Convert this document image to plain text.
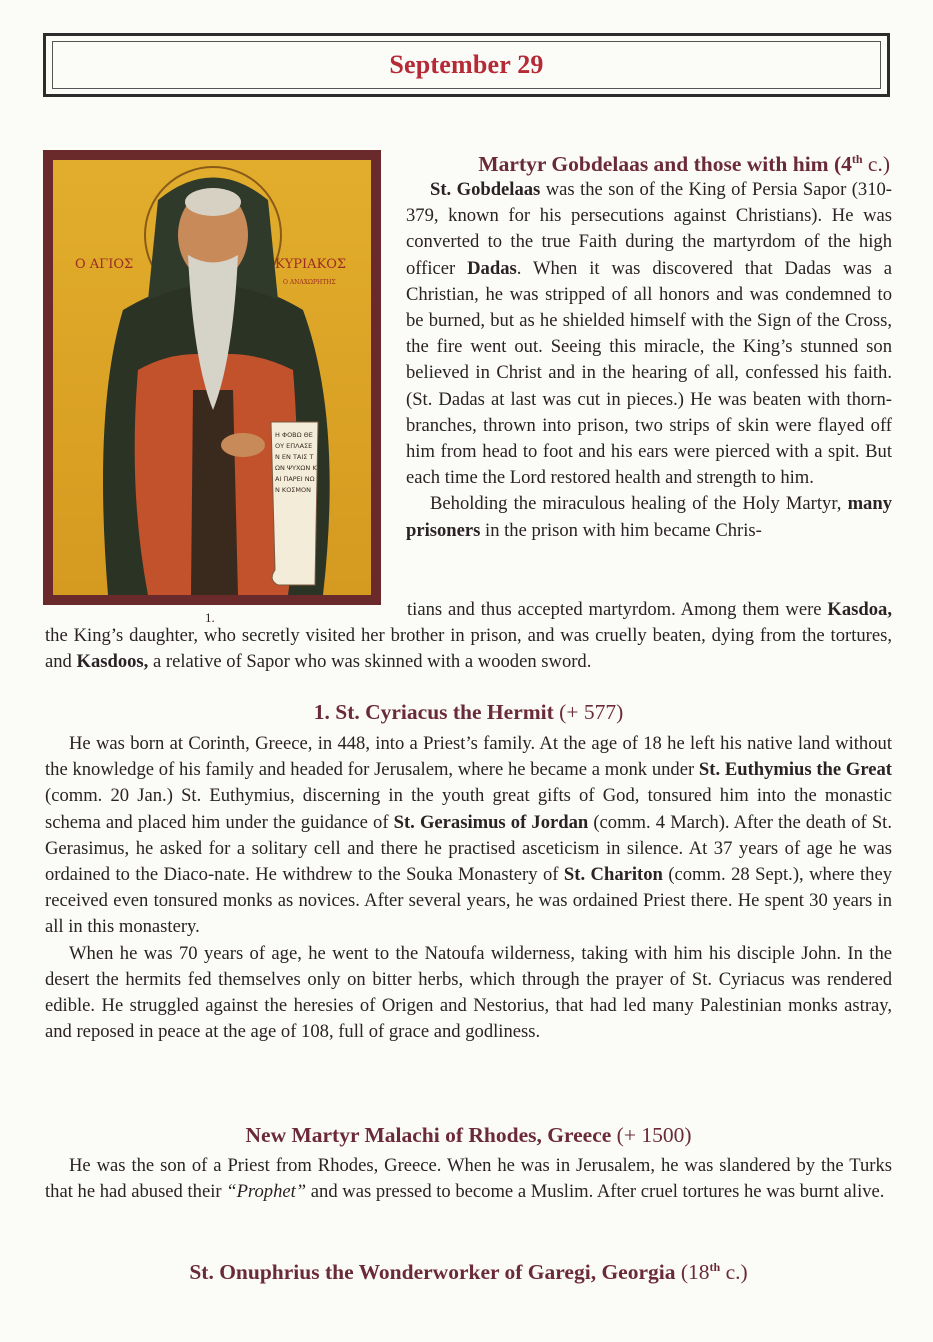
September 29
Η ΦΟΒΩ ΘΕΟΥ ΕΠΛΑΣΕΝ ΕΝ ΤΑΙΣ ΤΩΝ ΨΥΧΩΝ ΚΑΙ ΠΑΡΕΙ ΝΩΝ ΚΟΣΜΟΝ
Ο ΑΓΙΟΣ	ΚΥΡΙΑΚΟΣ
Ο ΑΝΑΧΩΡΗΤΗΣ
1.
Martyr Gobdelaas and those with him (4th c.)

St. Gobdelaas was the son of the King of Persia Sapor (310-379, known for his persecutions against Christians). He was converted to the true Faith during the martyrdom of the high officer Dadas. When it was discovered that Dadas was a Christian, he was stripped of all honors and was condemned to be burned, but as he shielded himself with the Sign of the Cross, the fire went out. Seeing this miracle, the King’s stunned son believed in Christ and in the hearing of all, confessed his faith. (St. Dadas at last was cut in pieces.) He was beaten with thorn-branches, thrown into prison, two strips of skin were flayed off him from head to foot and his ears were pierced with a spit. But each time the Lord restored health and strength to him.

Beholding the miraculous healing of the Holy Martyr, many prisoners in the prison with him became Chris-

tians and thus accepted martyrdom. Among them were Kasdoa, the King’s daughter, who secretly visited her brother in prison, and was cruelly beaten, dying from the tortures, and Kasdoos, a relative of Sapor who was skinned with a wooden sword.

1. St. Cyriacus the Hermit (+ 577)

He was born at Corinth, Greece, in 448, into a Priest’s family. At the age of 18 he left his native land without the knowledge of his family and headed for Jerusalem, where he became a monk under St. Euthymius the Great (comm. 20 Jan.) St. Euthymius, discerning in the youth great gifts of God, tonsured him into the monastic schema and placed him under the guidance of St. Gerasimus of Jordan (comm. 4 March). After the death of St. Gerasimus, he asked for a solitary cell and there he practised asceticism in silence. At 37 years of age he was ordained to the Diaco-nate. He withdrew to the Souka Monastery of St. Chariton (comm. 28 Sept.), where they received even tonsured monks as novices. After several years, he was ordained Priest there. He spent 30 years in all in this monastery.

When he was 70 years of age, he went to the Natoufa wilderness, taking with him his disciple John. In the desert the hermits fed themselves only on bitter herbs, which through the prayer of St. Cyriacus was rendered edible. He struggled against the heresies of Origen and Nestorius, that had led many Palestinian monks astray, and reposed in peace at the age of 108, full of grace and godliness.

New Martyr Malachi of Rhodes, Greece (+ 1500)

He was the son of a Priest from Rhodes, Greece. When he was in Jerusalem, he was slandered by the Turks that he had abused their “Prophet” and was pressed to become a Muslim. After cruel tortures he was burnt alive.

St. Onuphrius the Wonderworker of Garegi, Georgia (18th c.)
